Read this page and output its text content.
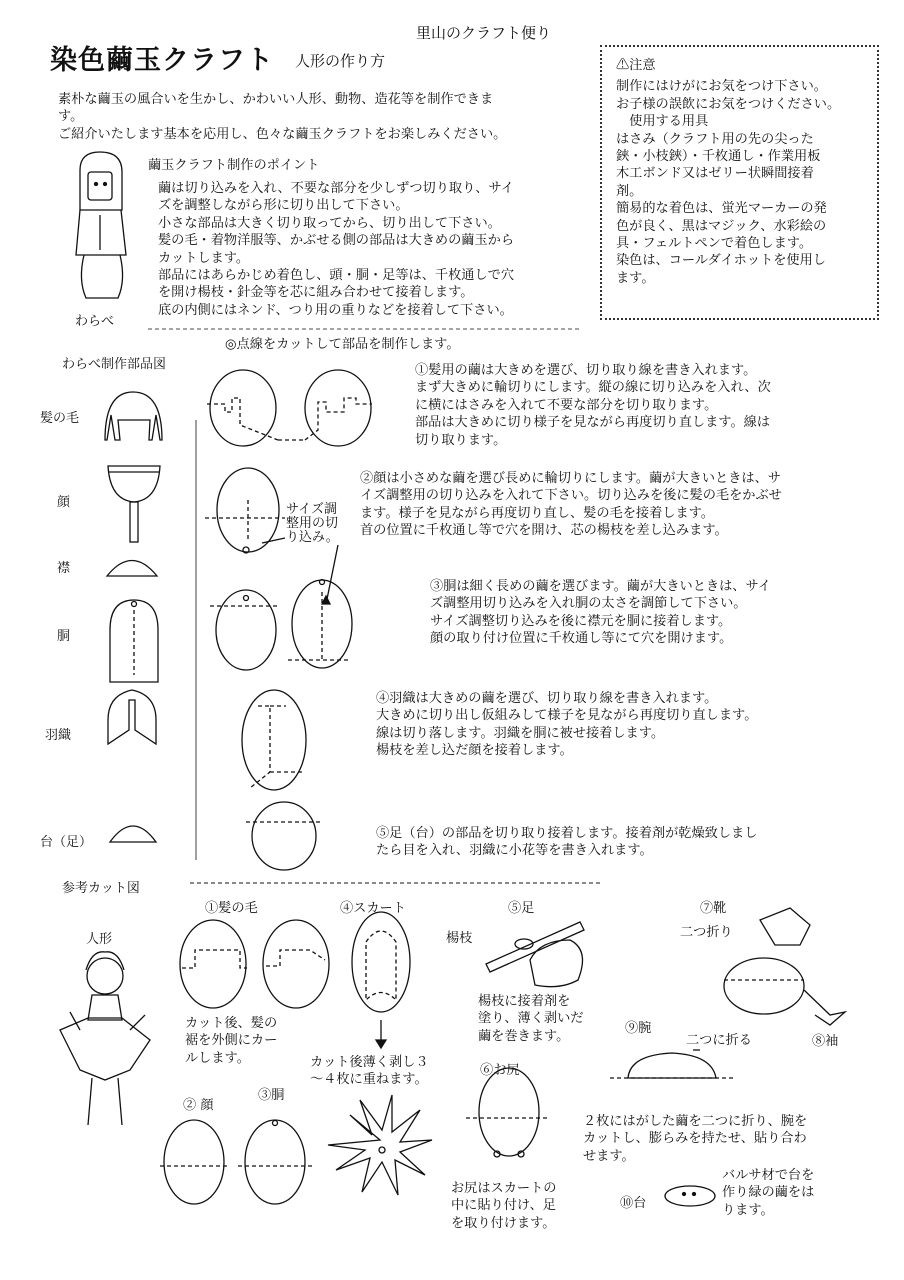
染色繭玉クラフト 人形の作り方
里山のクラフト便り
素朴な繭玉の風合いを生かし、かわいい人形、動物、造花等を制作できま
す。
ご紹介いたします基本を応用し、色々な繭玉クラフトをお楽しみください。
⚠注意
制作にはけがにお気をつけ下さい。
お子様の誤飲にお気をつけください。
　使用する用具
はさみ（クラフト用の先の尖った
鋏・小枝鋏）・千枚通し・作業用板
木工ボンド又はゼリー状瞬間接着
剤。
簡易的な着色は、蛍光マーカーの発
色が良く、黒はマジック、水彩絵の
具・フェルトペンで着色します。
染色は、コールダイホットを使用し
ます。
繭玉クラフト制作のポイント
繭は切り込みを入れ、不要な部分を少しずつ切り取り、サイ
ズを調整しながら形に切り出して下さい。
小さな部品は大きく切り取ってから、切り出して下さい。
髪の毛・着物洋服等、かぶせる側の部品は大きめの繭玉から
カットします。
部品にはあらかじめ着色し、頭・胴・足等は、千枚通しで穴
を開け楊枝・針金等を芯に組み合わせて接着します。
底の内側にはネンド、つり用の重りなどを接着して下さい。
わらべ
わらべ制作部品図
◎点線をカットして部品を制作します。
髪の毛
顔
襟
胴
羽織
台（足）
サイズ調
整用の切
り込み。
①髪用の繭は大きめを選び、切り取り線を書き入れます。
まず大きめに輪切りにします。縦の線に切り込みを入れ、次
に横にはさみを入れて不要な部分を切り取ります。
部品は大きめに切り様子を見ながら再度切り直します。線は
切り取ります。
②顔は小さめな繭を選び長めに輪切りにします。繭が大きいときは、サ
イズ調整用の切り込みを入れて下さい。切り込みを後に髪の毛をかぶせ
ます。様子を見ながら再度切り直し、髪の毛を接着します。
首の位置に千枚通し等で穴を開け、芯の楊枝を差し込みます。
③胴は細く長めの繭を選びます。繭が大きいときは、サイ
ズ調整用切り込みを入れ胴の太さを調節して下さい。
サイズ調整切り込みを後に襟元を胴に接着します。
顔の取り付け位置に千枚通し等にて穴を開けます。
④羽織は大きめの繭を選び、切り取り線を書き入れます。
大きめに切り出し仮組みして様子を見ながら再度切り直します。
線は切り落します。羽織を胴に被せ接着します。
楊枝を差し込だ顔を接着します。
⑤足（台）の部品を切り取り接着します。接着剤が乾燥致しまし
たら目を入れ、羽織に小花等を書き入れます。
参考カット図
人形
①髪の毛
カット後、髪の
裾を外側にカー
ルします。
④スカート
カット後薄く剥し３
～４枚に重ねます。
⑤足
楊枝
楊枝に接着剤を
塗り、薄く剥いだ
繭を巻きます。
⑦靴
二つ折り
⑧袖
⑨腕
二つに折る
２枚にはがした繭を二つに折り、腕を
カットし、膨らみを持たせ、貼り合わ
せます。
② 顔
③胴
⑥お尻
お尻はスカートの
中に貼り付け、足
を取り付けます。
⑩台
バルサ材で台を
作り緑の繭をは
ります。
